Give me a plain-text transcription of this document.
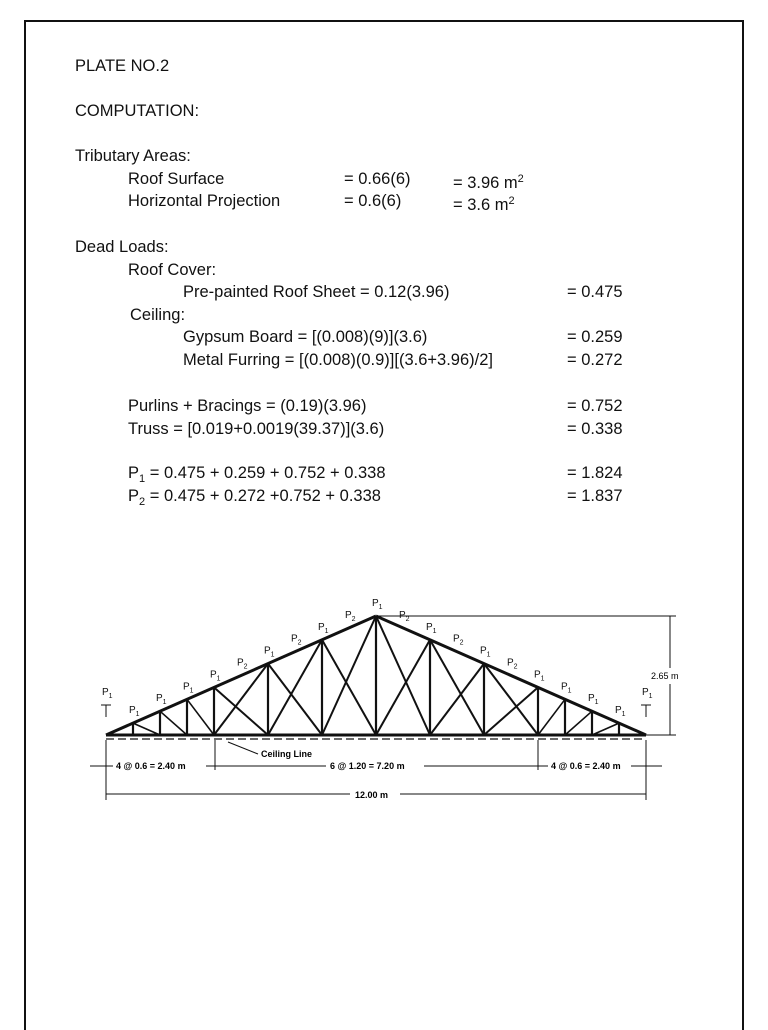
PLATE NO.2
COMPUTATION:
Tributary Areas:
Roof Surface	= 0.66(6)	= 3.96 $m^2$
Horizontal Projection	= 0.6(6)	= 3.6 $m^2$
Dead Loads:
Roof Cover:
Pre-painted Roof Sheet = 0.12(3.96)	= 0.475
Ceiling:
Gypsum Board = [(0.008)(9)](3.6)	= 0.259
Metal Furring = [(0.008)(0.9)][(3.6+3.96)/2]	= 0.272
Purlins + Bracings = (0.19)(3.96)	= 0.752
Truss = [0.019+0.0019(39.37)](3.6)	= 0.338
$P_1 = 0.475 + 0.259 + 0.752 + 0.338$	= 1.824
$P_2 = 0.475 + 0.272 +0.752 + 0.338$	= 1.837
$P_1$
$P_1$
$P_1$
$P_1$
$P_1$
$P_2$
$P_1$
$P_2$
$P_1$
$P_2$
$P_1$
$P_2$
$P_1$
$P_2$
$P_1$
$P_2$
$P_1$
$P_1$
$P_1$
$P_1$
$P_1$
2.65 m
Ceiling Line
4 @ 0.6 = 2.40 m	6 @ 1.20 = 7.20 m	4 @ 0.6 = 2.40 m
12.00 m
